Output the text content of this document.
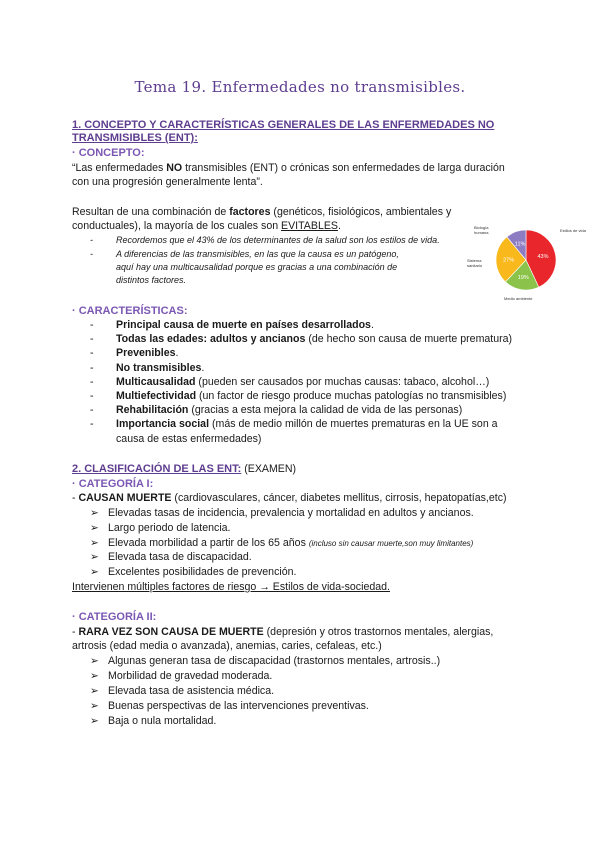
Tema 19. Enfermedades no transmisibles.
1. CONCEPTO Y CARACTERÍSTICAS GENERALES DE LAS ENFERMEDADES NO
TRANSMISIBLES (ENT):
· CONCEPTO:
“Las enfermedades NO transmisibles (ENT) o crónicas son enfermedades de larga duración
con una progresión generalmente lenta”.
Resultan de una combinación de factores (genéticos, fisiológicos, ambientales y
conductuales), la mayoría de los cuales son EVITABLES.
-	Recordemos que el 43% de los determinantes de la salud son los estilos de vida.
-	A diferencias de las transmisibles, en las que la causa es un patógeno,
aquí hay una multicausalidad porque es gracias a una combinación de
distintos factores.
43%
19%
27%
11%
Biología
humana	Estilos de vida
Sistema
sanitario
Medio ambiente
· CARACTERÍSTICAS:
- Principal causa de muerte en países desarrollados.
- Todas las edades: adultos y ancianos (de hecho son causa de muerte prematura)
- Prevenibles.
- No transmisibles.
- Multicausalidad (pueden ser causados por muchas causas: tabaco, alcohol…)
- Multiefectividad (un factor de riesgo produce muchas patologías no transmisibles)
- Rehabilitación (gracias a esta mejora la calidad de vida de las personas)
- Importancia social (más de medio millón de muertes prematuras en la UE son a
causa de estas enfermedades)
2. CLASIFICACIÓN DE LAS ENT: (EXAMEN)
· CATEGORÍA I:
- CAUSAN MUERTE (cardiovasculares, cáncer, diabetes mellitus, cirrosis, hepatopatías,etc)
➢ Elevadas tasas de incidencia, prevalencia y mortalidad en adultos y ancianos.
➢ Largo periodo de latencia.
➢ Elevada morbilidad a partir de los 65 años (incluso sin causar muerte,son muy limitantes)
➢ Elevada tasa de discapacidad.
➢ Excelentes posibilidades de prevención.
Intervienen múltiples factores de riesgo → Estilos de vida-sociedad.
· CATEGORÍA II:
- RARA VEZ SON CAUSA DE MUERTE (depresión y otros trastornos mentales, alergias,
artrosis (edad media o avanzada), anemias, caries, cefaleas, etc.)
➢ Algunas generan tasa de discapacidad (trastornos mentales, artrosis..)
➢ Morbilidad de gravedad moderada.
➢ Elevada tasa de asistencia médica.
➢ Buenas perspectivas de las intervenciones preventivas.
➢ Baja o nula mortalidad.
